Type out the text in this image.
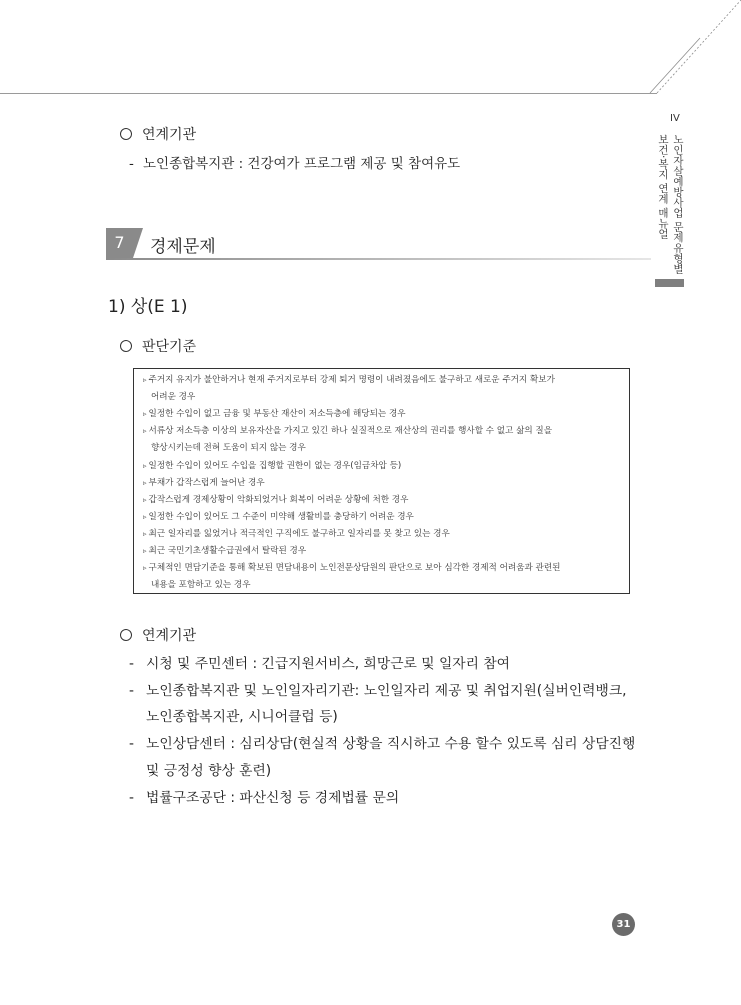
IV
노인자살예방사업 문제유형별
보건·복지 연계 매뉴얼
연계기관
- 노인종합복지관 : 건강여가 프로그램 제공 및 참여유도
7	경제문제
1) 상(E 1)
판단기준
▹ 주거지 유지가 불안하거나 현재 주거지로부터 강제 퇴거 명령이 내려졌음에도 불구하고 새로운 주거지 확보가
어려운 경우
▹ 일정한 수입이 없고 금융 및 부동산 재산이 저소득층에 해당되는 경우
▹ 서류상 저소득층 이상의 보유자산을 가지고 있긴 하나 실질적으로 재산상의 권리를 행사할 수 없고 삶의 질을
향상시키는데 전혀 도움이 되지 않는 경우
▹ 일정한 수입이 있어도 수입을 집행할 권한이 없는 경우(임금차압 등)
▹ 부채가 갑작스럽게 늘어난 경우
▹ 갑작스럽게 경제상황이 악화되었거나 회복이 어려운 상황에 처한 경우
▹ 일정한 수입이 있어도 그 수준이 미약해 생활비를 충당하기 어려운 경우
▹ 최근 일자리를 잃었거나 적극적인 구직에도 불구하고 일자리를 못 찾고 있는 경우
▹ 최근 국민기초생활수급권에서 탈락된 경우
▹ 구체적인 면담기준을 통해 확보된 면담내용이 노인전문상담원의 판단으로 보아 심각한 경제적 어려움과 관련된
내용을 포함하고 있는 경우
연계기관
- 시청 및 주민센터 : 긴급지원서비스, 희망근로 및 일자리 참여
- 노인종합복지관 및 노인일자리기관: 노인일자리 제공 및 취업지원(실버인력뱅크,
노인종합복지관, 시니어클럽 등)
- 노인상담센터 : 심리상담(현실적 상황을 직시하고 수용 할수 있도록 심리 상담진행
및 긍정성 향상 훈련)
- 법률구조공단 : 파산신청 등 경제법률 문의
31
